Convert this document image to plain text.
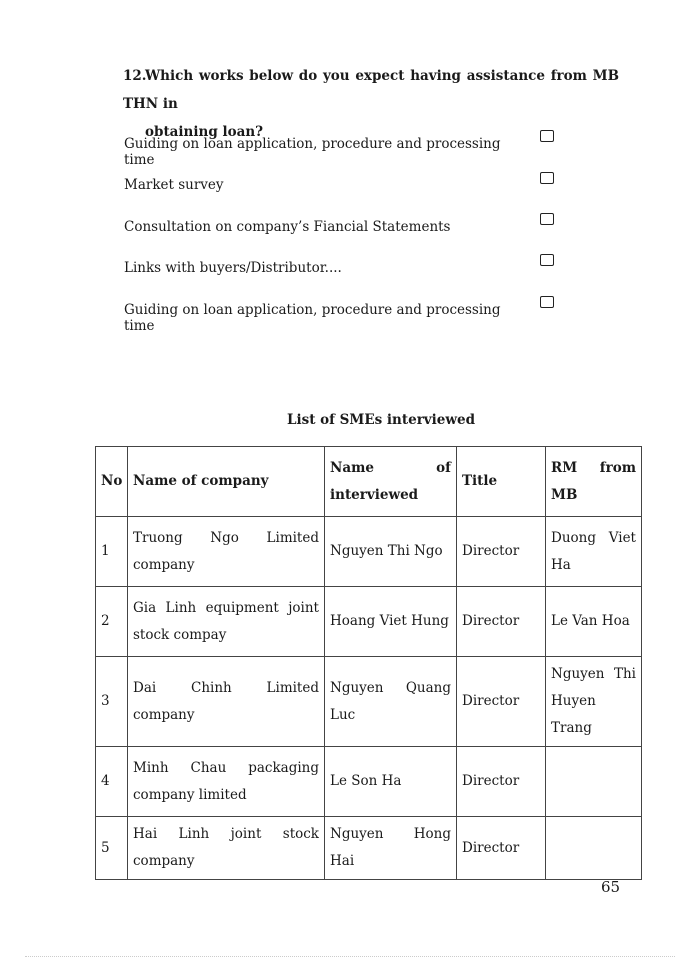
12.Which works below do you expect having assistance from MB THN in
obtaining loan?
Guiding on loan application, procedure and processing time
Market survey
Consultation on company’s Fiancial Statements
Links with buyers/Distributor....
Guiding on loan application, procedure and processing time
List of SMEs interviewed
No	Name of company	Name of interviewed	Title	RM from MB
1	Truong Ngo Limited company	Nguyen Thi Ngo	Director	Duong Viet Ha
2	Gia Linh equipment joint stock compay	Hoang Viet Hung	Director	Le Van Hoa
3	Dai Chinh Limited company	Nguyen Quang Luc	Director	Nguyen Thi Huyen Trang
4	Minh Chau packaging company limited	Le Son Ha	Director	
5	Hai Linh joint stock company	Nguyen Hong Hai	Director	
65
